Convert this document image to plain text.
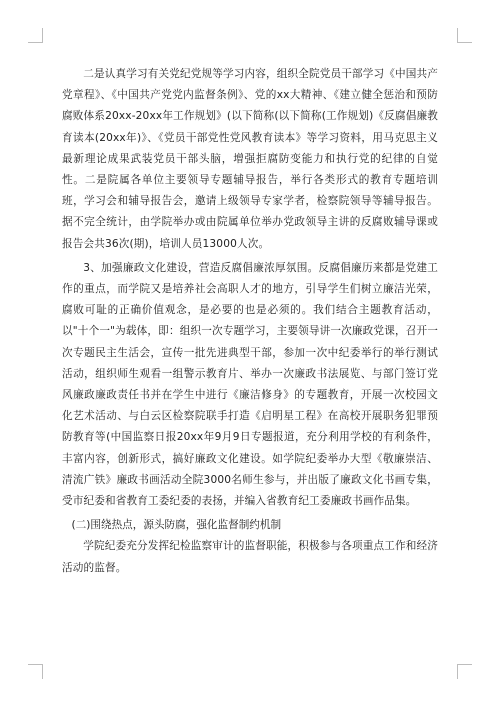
二是认真学习有关党纪党规等学习内容，组织全院党员干部学习《中国共产党章程》、《中国共产党党内监督条例》、党的xx大精神、《建立健全惩治和预防腐败体系20xx-20xx年工作规划》(以下简称(以下简称(工作规划)《反腐倡廉教育读本(20xx年)》、《党员干部党性党风教育读本》等学习资料，用马克思主义最新理论成果武装党员干部头脑，增强拒腐防变能力和执行党的纪律的自觉性。二是院属各单位主要领导专题辅导报告，举行各类形式的教育专题培训班，学习会和辅导报告会，邀请上级领导专家学者，检察院领导等辅导报告。据不完全统计，由学院举办或由院属单位举办党政领导主讲的反腐败辅导课或报告会共36次(期)，培训人员13000人次。

3、加强廉政文化建设，营造反腐倡廉浓厚氛围。反腐倡廉历来都是党建工作的重点，而学院又是培养社会高职人才的地方，引导学生们树立廉洁光荣，腐败可耻的正确价值观念，是必要的也是必须的。我们结合主题教育活动，以"十个一"为载体，即：组织一次专题学习，主要领导讲一次廉政党课，召开一次专题民主生活会，宣传一批先进典型干部，参加一次中纪委举行的举行测试活动，组织师生观看一组警示教育片、举办一次廉政书法展览、与部门签订党风廉政廉政责任书并在学生中进行《廉洁修身》的专题教育，开展一次校园文化艺术活动、与白云区检察院联手打造《启明星工程》在高校开展职务犯罪预防教育等(中国监察日报20xx年9月9日专题报道，充分利用学校的有利条件，丰富内容，创新形式，搞好廉政文化建设。如学院纪委举办大型《敬廉崇洁、清流广铁》廉政书画活动全院3000名师生参与，并出版了廉政文化书画专集，受市纪委和省教育工委纪委的表扬，并编入省教育纪工委廉政书画作品集。

(二)围绕热点，源头防腐，强化监督制约机制

学院纪委充分发挥纪检监察审计的监督职能，积极参与各项重点工作和经济活动的监督。
